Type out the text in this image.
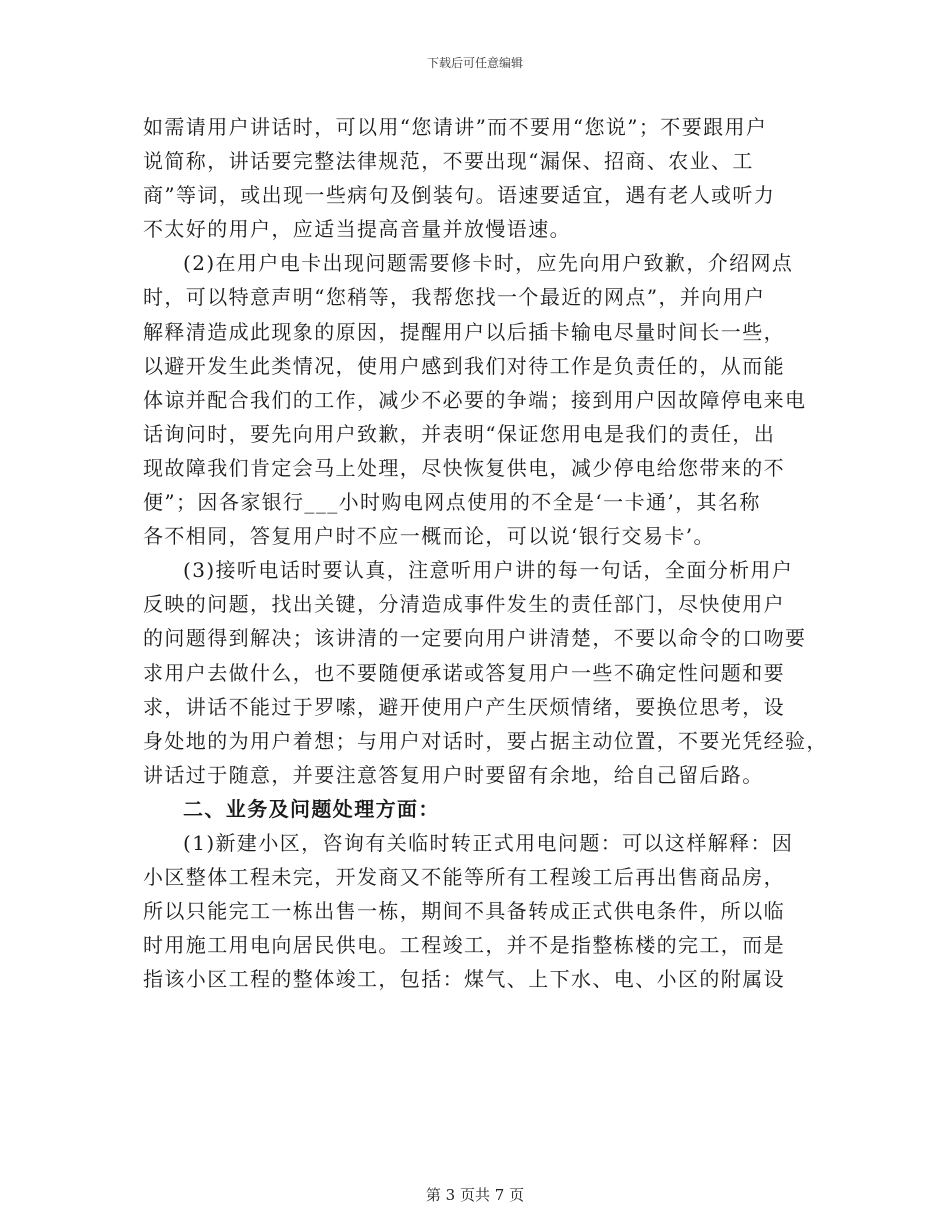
下载后可任意编辑
如需请用户讲话时，可以用“您请讲”而不要用“您说”；不要跟用户
说简称，讲话要完整法律规范，不要出现“漏保、招商、农业、工
商”等词，或出现一些病句及倒装句。语速要适宜，遇有老人或听力
不太好的用户，应适当提高音量并放慢语速。
(2)在用户电卡出现问题需要修卡时，应先向用户致歉，介绍网点
时，可以特意声明“您稍等，我帮您找一个最近的网点”，并向用户
解释清造成此现象的原因，提醒用户以后插卡输电尽量时间长一些，
以避开发生此类情况，使用户感到我们对待工作是负责任的，从而能
体谅并配合我们的工作，减少不必要的争端；接到用户因故障停电来电
话询问时，要先向用户致歉，并表明“保证您用电是我们的责任，出
现故障我们肯定会马上处理，尽快恢复供电，减少停电给您带来的不
便”；因各家银行___小时购电网点使用的不全是‘一卡通’，其名称
各不相同，答复用户时不应一概而论，可以说‘银行交易卡’。
(3)接听电话时要认真，注意听用户讲的每一句话，全面分析用户
反映的问题，找出关键，分清造成事件发生的责任部门，尽快使用户
的问题得到解决；该讲清的一定要向用户讲清楚，不要以命令的口吻要
求用户去做什么，也不要随便承诺或答复用户一些不确定性问题和要
求，讲话不能过于罗嗦，避开使用户产生厌烦情绪，要换位思考，设
身处地的为用户着想；与用户对话时，要占据主动位置，不要光凭经验，
讲话过于随意，并要注意答复用户时要留有余地，给自己留后路。
二、业务及问题处理方面：
(1)新建小区，咨询有关临时转正式用电问题：可以这样解释：因
小区整体工程未完，开发商又不能等所有工程竣工后再出售商品房，
所以只能完工一栋出售一栋，期间不具备转成正式供电条件，所以临
时用施工用电向居民供电。工程竣工，并不是指整栋楼的完工，而是
指该小区工程的整体竣工，包括：煤气、上下水、电、小区的附属设
第 3 页共 7 页
